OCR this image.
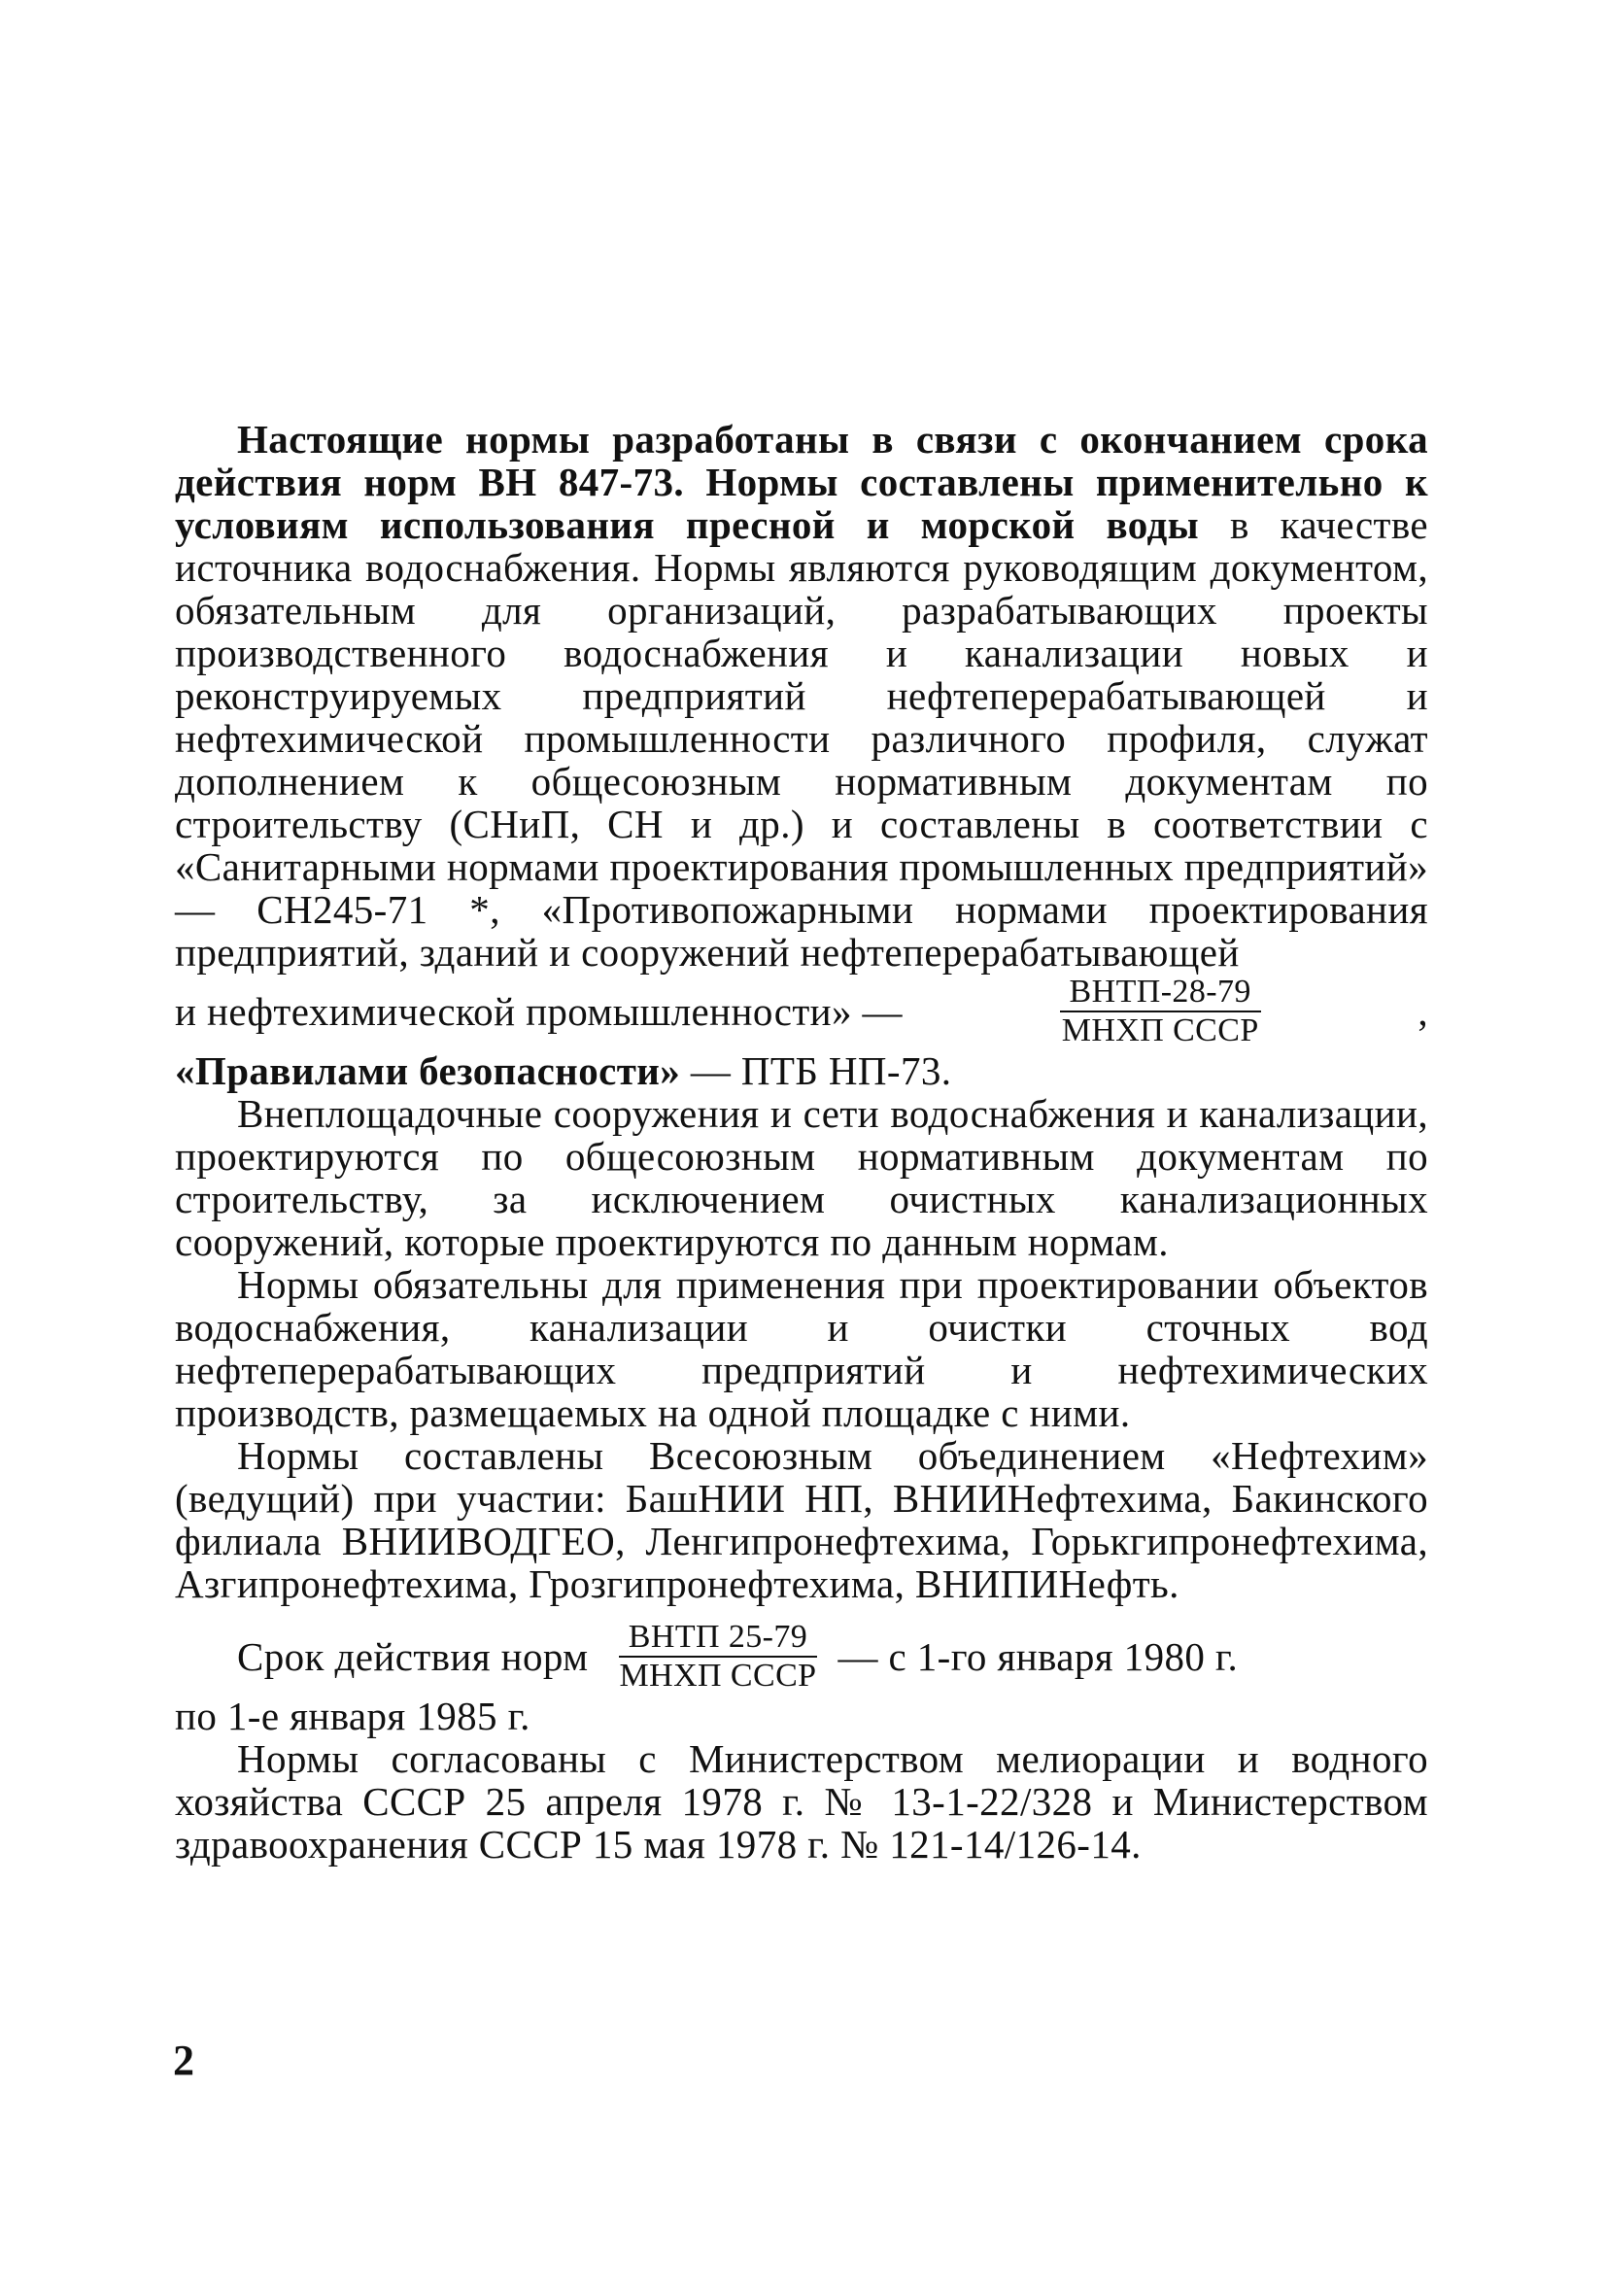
Настоящие нормы разработаны в связи с окончанием срока действия норм ВН 847-73. Нормы составлены применительно к условиям использования пресной и морской воды в качестве источника водоснабжения. Нормы являются руководящим документом, обязательным для организаций, разрабатывающих проекты производственного водоснабжения и канализации новых и реконструируемых предприятий нефтеперерабатывающей и нефтехимической промышленности различного профиля, служат дополнением к общесоюзным нормативным документам по строительству (СНиП, СН и др.) и составлены в соответствии с «Санитарными нормами проектирования промышленных предприятий» — СН245-71 *, «Противопожарными нормами проектирования предприятий, зданий и сооружений нефтеперерабатывающей

и нефтехимической промышленности» —	$\frac{\text{ВНТП-28-79}}{\text{МНХП СССР}}$	,

«Правилами безопасности» — ПТБ НП-73.

Внеплощадочные сооружения и сети водоснабжения и канализации, проектируются по общесоюзным нормативным документам по строительству, за исключением очистных канализационных сооружений, которые проектируются по данным нормам.

Нормы обязательны для применения при проектировании объектов водоснабжения, канализации и очистки сточных вод нефтеперерабатывающих предприятий и нефтехимических производств, размещаемых на одной площадке с ними.

Нормы составлены Всесоюзным объединением «Нефтехим» (ведущий) при участии: БашНИИ НП, ВНИИНефтехима, Бакинского филиала ВНИИВОДГЕО, Ленгипронефтехима, Горькгипронефтехима, Азгипронефтехима, Грозгипронефтехима, ВНИПИНефть.

Срок действия норм $\frac{\text{ВНТП 25-79}}{\text{МНХП СССР}}$ — с 1-го января 1980 г.

по 1-е января 1985 г.

Нормы согласованы с Министерством мелиорации и водного хозяйства СССР 25 апреля 1978 г. № 13-1-22/328 и Министерством здравоохранения СССР 15 мая 1978 г. № 121-14/126-14.

2
